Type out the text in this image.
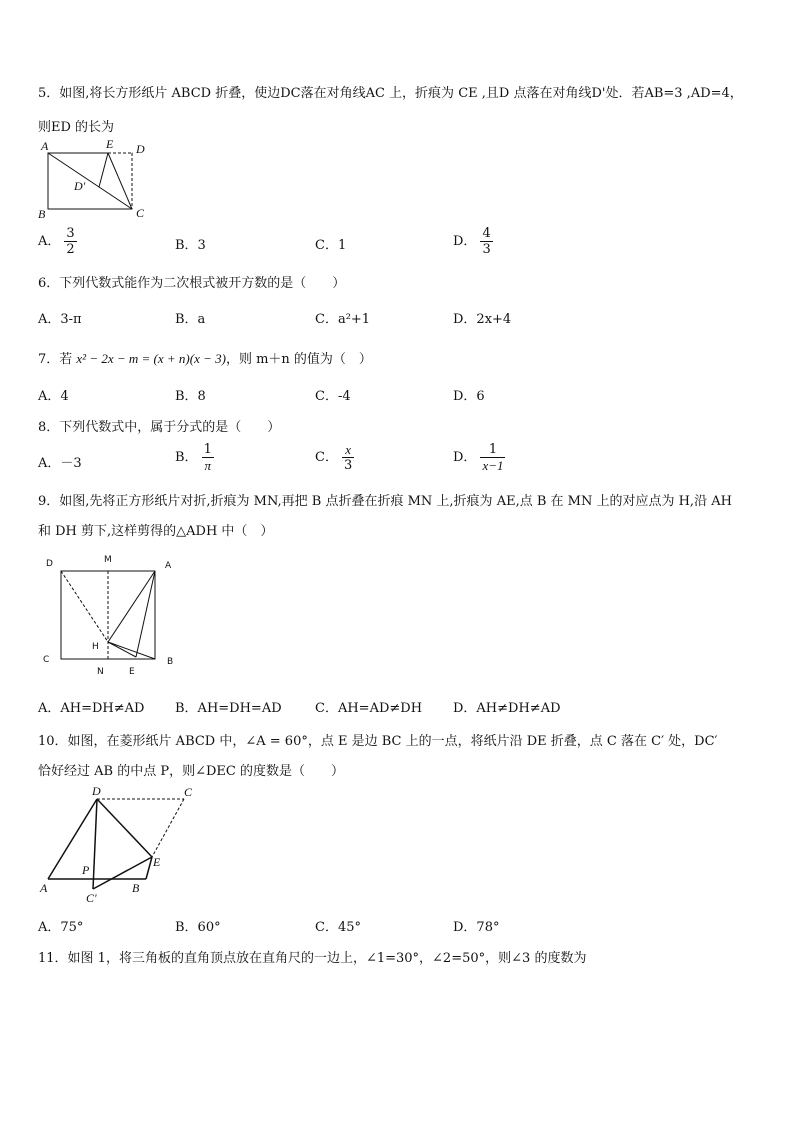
5．如图,将长方形纸片 ABCD 折叠，使边DC落在对角线AC 上，折痕为 CE ,且D 点落在对角线D'处．若AB=3 ,AD=4，
则ED 的长为
A	E D
D'
B	C
A． $\frac{3}{2}$	B．3	C．1	D． $\frac{4}{3}$
6．下列代数式能作为二次根式被开方数的是（　　）
A．3-π	B．a	C．a²+1	D．2x+4
7．若 x² − 2x − m = (x + n)(x − 3)，则 m＋n 的值为（　）
A．4	B．8	C．-4	D．6
8．下列代数式中，属于分式的是（　　）
A．－3	B． $\frac{1}{\pi}$	C． $\frac{x}{3}$	D． $\frac{1}{x-1}$
9．如图,先将正方形纸片对折,折痕为 MN,再把 B 点折叠在折痕 MN 上,折痕为 AE,点 B 在 MN 上的对应点为 H,沿 AH
和 DH 剪下,这样剪得的△ADH 中（　）
D	M
A
H
C
N	E
B
A．AH=DH≠AD B．AH=DH=AD	C．AH=AD≠DH D．AH≠DH≠AD
10．如图，在菱形纸片 ABCD 中，∠A = 60°，点 E 是边 BC 上的一点，将纸片沿 DE 折叠，点 C 落在 C′ 处，DC′
恰好经过 AB 的中点 P，则∠DEC 的度数是（　　）
D	C
P
E
A
C'
B
A．75°	B．60°	C．45°	D．78°
11．如图 1，将三角板的直角顶点放在直角尺的一边上，∠1=30°，∠2=50°，则∠3 的度数为
